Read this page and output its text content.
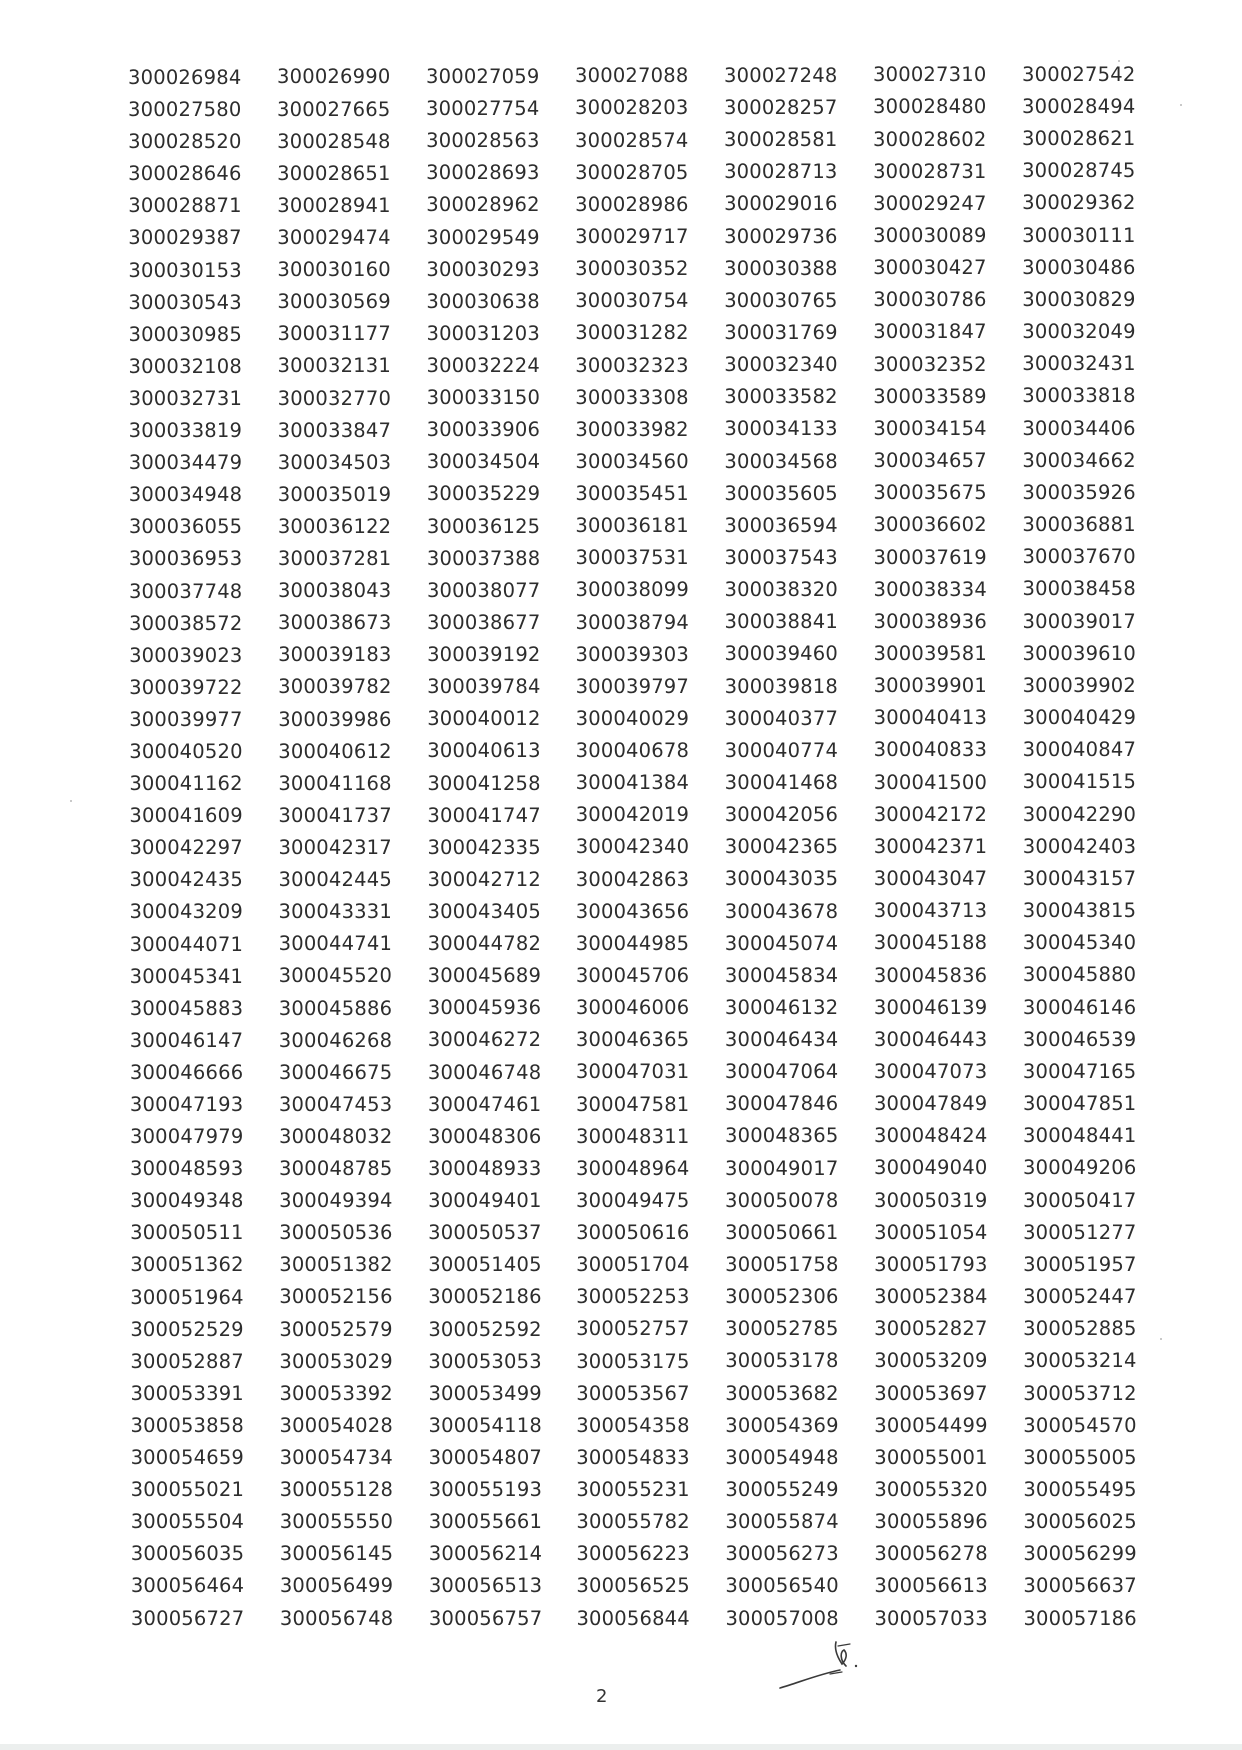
300026984 300026990 300027059 300027088 300027248 300027310 300027542
300027580 300027665 300027754 300028203 300028257 300028480 300028494
300028520 300028548 300028563 300028574 300028581 300028602 300028621
300028646 300028651 300028693 300028705 300028713 300028731 300028745
300028871 300028941 300028962 300028986 300029016 300029247 300029362
300029387 300029474 300029549 300029717 300029736 300030089 300030111
300030153 300030160 300030293 300030352 300030388 300030427 300030486
300030543 300030569 300030638 300030754 300030765 300030786 300030829
300030985 300031177 300031203 300031282 300031769 300031847 300032049
300032108 300032131 300032224 300032323 300032340 300032352 300032431
300032731 300032770 300033150 300033308 300033582 300033589 300033818
300033819 300033847 300033906 300033982 300034133 300034154 300034406
300034479 300034503 300034504 300034560 300034568 300034657 300034662
300034948 300035019 300035229 300035451 300035605 300035675 300035926
300036055 300036122 300036125 300036181 300036594 300036602 300036881
300036953 300037281 300037388 300037531 300037543 300037619 300037670
300037748 300038043 300038077 300038099 300038320 300038334 300038458
300038572 300038673 300038677 300038794 300038841 300038936 300039017
300039023 300039183 300039192 300039303 300039460 300039581 300039610
300039722 300039782 300039784 300039797 300039818 300039901 300039902
300039977 300039986 300040012 300040029 300040377 300040413 300040429
300040520 300040612 300040613 300040678 300040774 300040833 300040847
300041162 300041168 300041258 300041384 300041468 300041500 300041515
300041609 300041737 300041747 300042019 300042056 300042172 300042290
300042297 300042317 300042335 300042340 300042365 300042371 300042403
300042435 300042445 300042712 300042863 300043035 300043047 300043157
300043209 300043331 300043405 300043656 300043678 300043713 300043815
300044071 300044741 300044782 300044985 300045074 300045188 300045340
300045341 300045520 300045689 300045706 300045834 300045836 300045880
300045883 300045886 300045936 300046006 300046132 300046139 300046146
300046147 300046268 300046272 300046365 300046434 300046443 300046539
300046666 300046675 300046748 300047031 300047064 300047073 300047165
300047193 300047453 300047461 300047581 300047846 300047849 300047851
300047979 300048032 300048306 300048311 300048365 300048424 300048441
300048593 300048785 300048933 300048964 300049017 300049040 300049206
300049348 300049394 300049401 300049475 300050078 300050319 300050417
300050511 300050536 300050537 300050616 300050661 300051054 300051277
300051362 300051382 300051405 300051704 300051758 300051793 300051957
300051964 300052156 300052186 300052253 300052306 300052384 300052447
300052529 300052579 300052592 300052757 300052785 300052827 300052885
300052887 300053029 300053053 300053175 300053178 300053209 300053214
300053391 300053392 300053499 300053567 300053682 300053697 300053712
300053858 300054028 300054118 300054358 300054369 300054499 300054570
300054659 300054734 300054807 300054833 300054948 300055001 300055005
300055021 300055128 300055193 300055231 300055249 300055320 300055495
300055504 300055550 300055661 300055782 300055874 300055896 300056025
300056035 300056145 300056214 300056223 300056273 300056278 300056299
300056464 300056499 300056513 300056525 300056540 300056613 300056637
300056727 300056748 300056757 300056844 300057008 300057033 300057186
2
